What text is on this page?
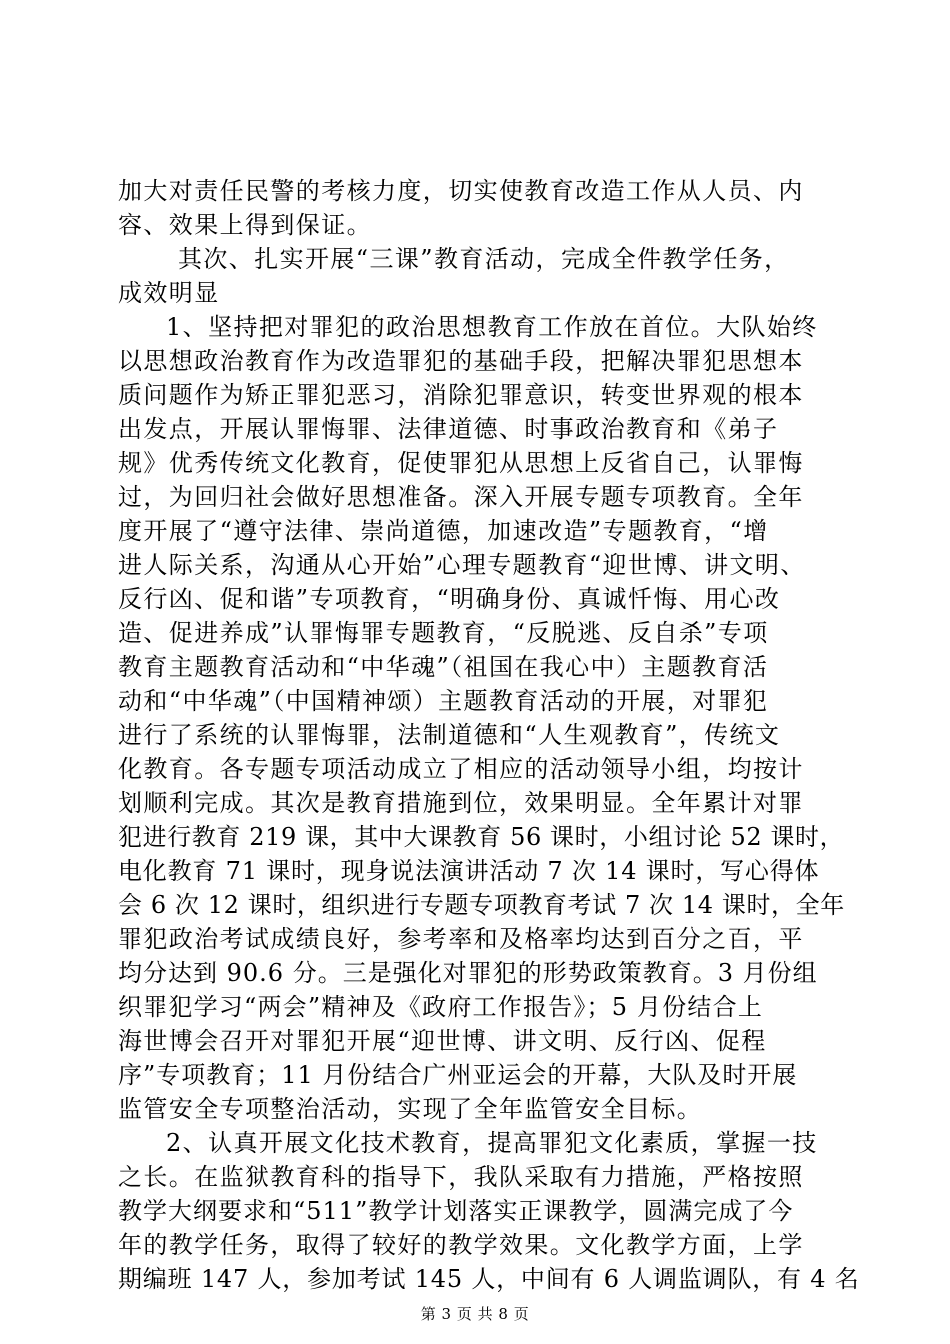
加大对责任民警的考核力度，切实使教育改造工作从人员、内
容、效果上得到保证。
其次、扎实开展“三课”教育活动，完成全件教学任务，
成效明显
1、坚持把对罪犯的政治思想教育工作放在首位。大队始终
以思想政治教育作为改造罪犯的基础手段，把解决罪犯思想本
质问题作为矫正罪犯恶习，消除犯罪意识，转变世界观的根本
出发点，开展认罪悔罪、法律道德、时事政治教育和《弟子
规》优秀传统文化教育，促使罪犯从思想上反省自己，认罪悔
过，为回归社会做好思想准备。深入开展专题专项教育。全年
度开展了“遵守法律、崇尚道德，加速改造”专题教育，“增
进人际关系，沟通从心开始”心理专题教育“迎世博、讲文明、
反行凶、促和谐”专项教育，“明确身份、真诚忏悔、用心改
造、促进养成”认罪悔罪专题教育，“反脱逃、反自杀”专项
教育主题教育活动和“中华魂”（祖国在我心中）主题教育活
动和“中华魂”（中国精神颂）主题教育活动的开展，对罪犯
进行了系统的认罪悔罪，法制道德和“人生观教育”，传统文
化教育。各专题专项活动成立了相应的活动领导小组，均按计
划顺利完成。其次是教育措施到位，效果明显。全年累计对罪
犯进行教育 219 课，其中大课教育 56 课时，小组讨论 52 课时，
电化教育 71 课时，现身说法演讲活动 7 次 14 课时，写心得体
会 6 次 12 课时，组织进行专题专项教育考试 7 次 14 课时，全年
罪犯政治考试成绩良好，参考率和及格率均达到百分之百，平
均分达到 90.6 分。三是强化对罪犯的形势政策教育。3 月份组
织罪犯学习“两会”精神及《政府工作报告》；5 月份结合上
海世博会召开对罪犯开展“迎世博、讲文明、反行凶、促程
序”专项教育；11 月份结合广州亚运会的开幕，大队及时开展
监管安全专项整治活动，实现了全年监管安全目标。
2、认真开展文化技术教育，提高罪犯文化素质，掌握一技
之长。在监狱教育科的指导下，我队采取有力措施，严格按照
教学大纲要求和“511”教学计划落实正课教学，圆满完成了今
年的教学任务，取得了较好的教学效果。文化教学方面，上学
期编班 147 人，参加考试 145 人，中间有 6 人调监调队，有 4 名
第 3 页 共 8 页
